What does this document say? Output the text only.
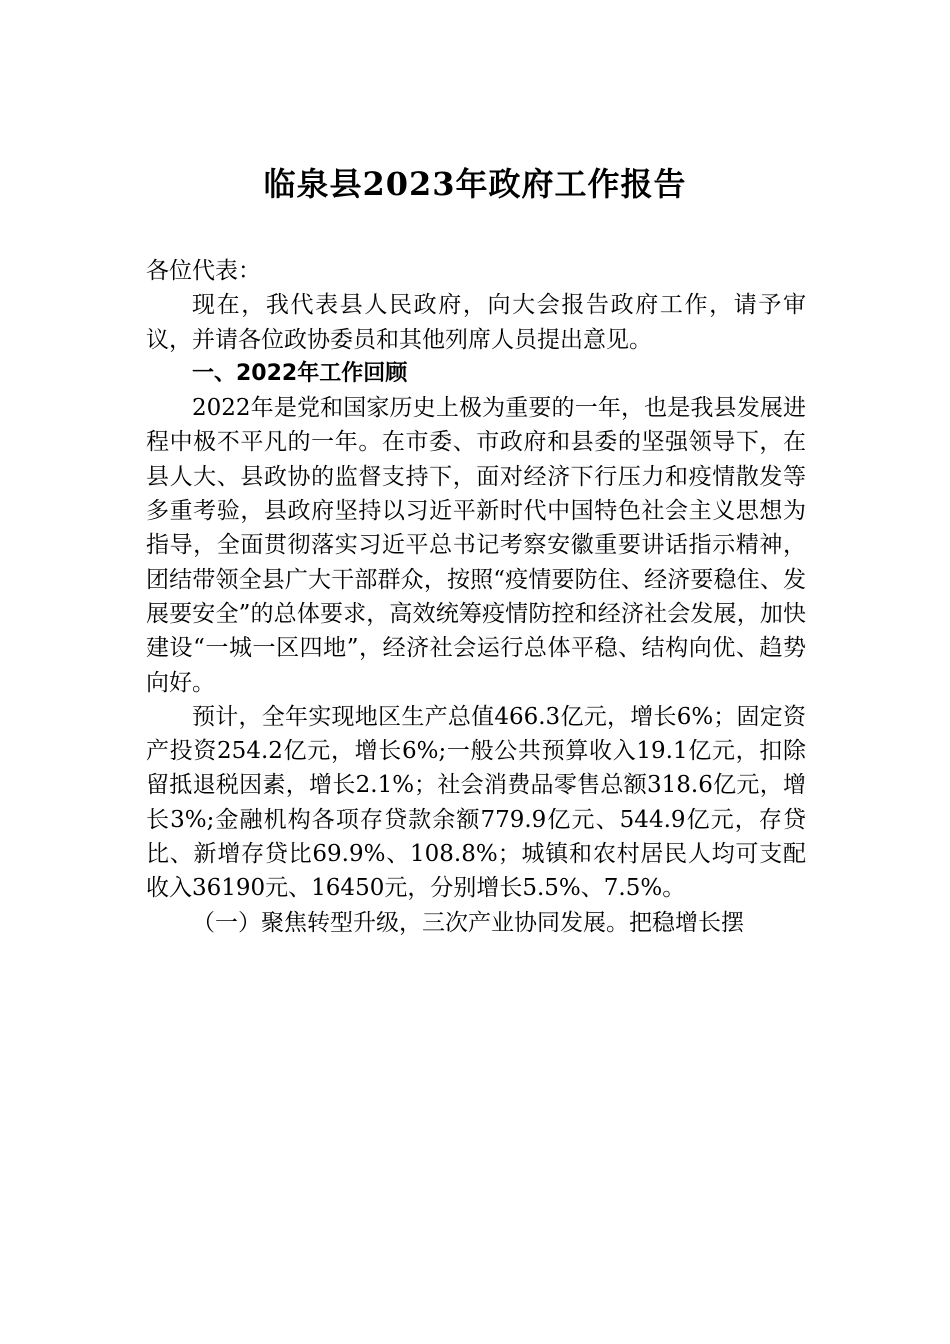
临泉县2023年政府工作报告

各位代表：

现在，我代表县人民政府，向大会报告政府工作，请予审议，并请各位政协委员和其他列席人员提出意见。

一、2022年工作回顾

2022年是党和国家历史上极为重要的一年，也是我县发展进程中极不平凡的一年。在市委、市政府和县委的坚强领导下，在县人大、县政协的监督支持下，面对经济下行压力和疫情散发等多重考验，县政府坚持以习近平新时代中国特色社会主义思想为指导，全面贯彻落实习近平总书记考察安徽重要讲话指示精神，团结带领全县广大干部群众，按照“疫情要防住、经济要稳住、发展要安全”的总体要求，高效统筹疫情防控和经济社会发展，加快建设“一城一区四地”，经济社会运行总体平稳、结构向优、趋势向好。

预计，全年实现地区生产总值466.3亿元，增长6%；固定资产投资254.2亿元，增长6%;一般公共预算收入19.1亿元，扣除留抵退税因素，增长2.1%；社会消费品零售总额318.6亿元，增长3%;金融机构各项存贷款余额779.9亿元、544.9亿元，存贷比、新增存贷比69.9%、108.8%；城镇和农村居民人均可支配收入36190元、16450元，分别增长5.5%、7.5%。

（一）聚焦转型升级，三次产业协同发展。把稳增长摆
